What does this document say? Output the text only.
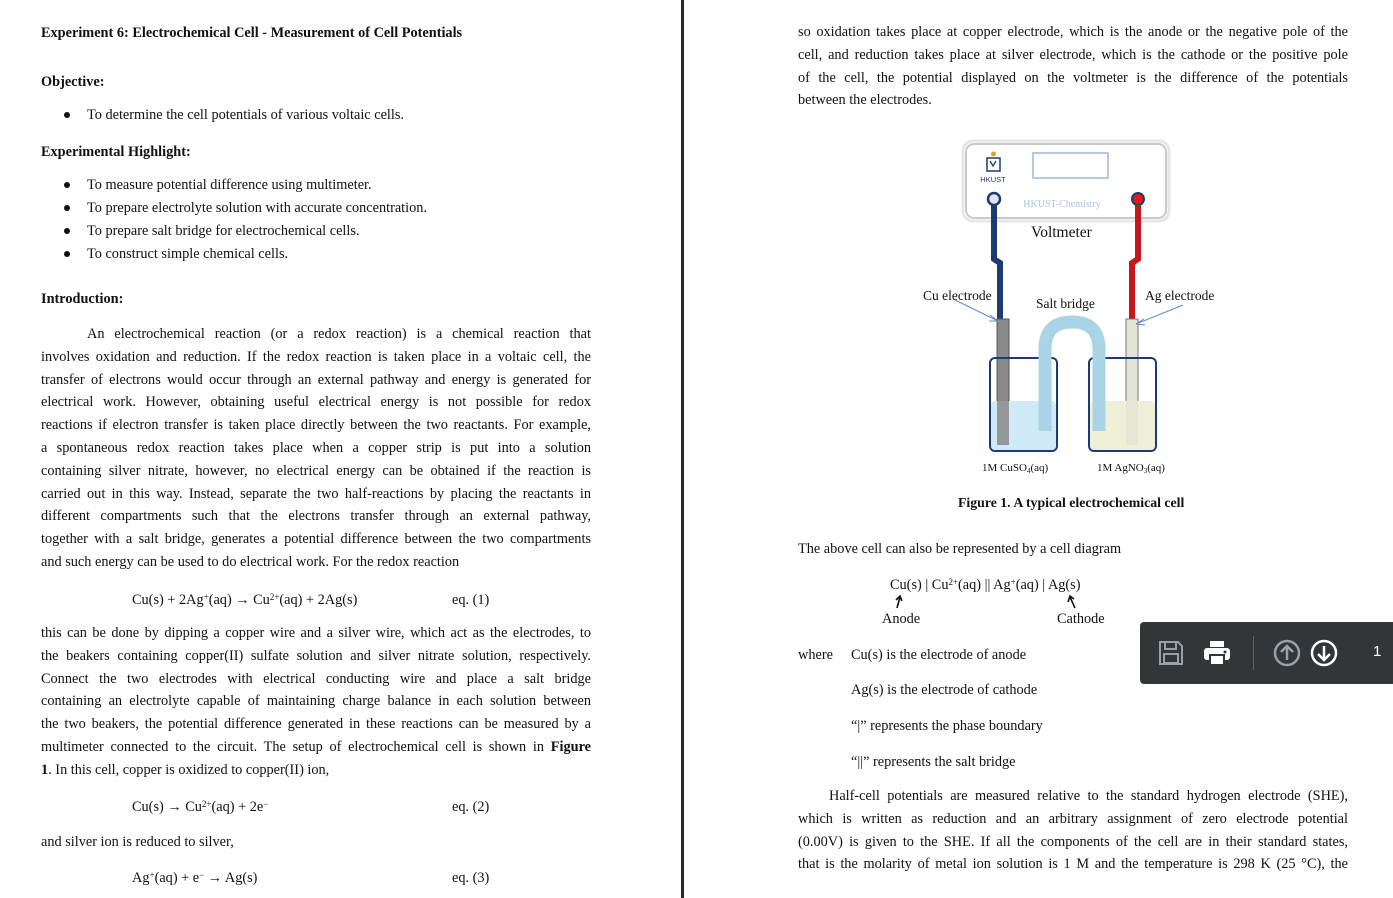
Experiment 6: Electrochemical Cell - Measurement of Cell Potentials
Objective:
To determine the cell potentials of various voltaic cells.
Experimental Highlight:
To measure potential difference using multimeter.
To prepare electrolyte solution with accurate concentration.
To prepare salt bridge for electrochemical cells.
To construct simple chemical cells.
Introduction:
An electrochemical reaction (or a redox reaction) is a chemical reaction that
involves oxidation and reduction. If the redox reaction is taken place in a voltaic cell, the
transfer of electrons would occur through an external pathway and energy is generated for
electrical work. However, obtaining useful electrical energy is not possible for redox
reactions if electron transfer is taken place directly between the two reactants. For example,
a spontaneous redox reaction takes place when a copper strip is put into a solution
containing silver nitrate, however, no electrical energy can be obtained if the reaction is
carried out in this way. Instead, separate the two half-reactions by placing the reactants in
different compartments such that the electrons transfer through an external pathway,
together with a salt bridge, generates a potential difference between the two compartments
and such energy can be used to do electrical work. For the redox reaction
$Cu(s) + 2Ag^+(aq) \to Cu^{2+}(aq) + 2Ag(s)$	eq. (1)
this can be done by dipping a copper wire and a silver wire, which act as the electrodes, to
the beakers containing copper(II) sulfate solution and silver nitrate solution, respectively.
Connect the two electrodes with electrical conducting wire and place a salt bridge
containing an electrolyte capable of maintaining charge balance in each solution between
the two beakers, the potential difference generated in these reactions can be measured by a
multimeter connected to the circuit. The setup of electrochemical cell is shown in Figure
1. In this cell, copper is oxidized to copper(II) ion,
$Cu(s) \to Cu^{2+}(aq) + 2e^-$	eq. (2)
and silver ion is reduced to silver,
Ag+(aq) + e− → Ag(s)	eq. (3)
so oxidation takes place at copper electrode, which is the anode or the negative pole of the
cell, and reduction takes place at silver electrode, which is the cathode or the positive pole
of the cell, the potential displayed on the voltmeter is the difference of the potentials
between the electrodes.
HKUST
HKUST-Chemistry
1M CuSO4(aq)	1M AgNO3(aq)
Voltmeter
Cu electrode
Salt bridge
Ag electrode
Figure 1. A typical electrochemical cell
The above cell can also be represented by a cell diagram
Cu(s) | $Cu^{2+}(aq)$ || Ag+(aq) | Ag(s)
Anode	Cathode
where Cu(s) is the electrode of anode
Ag(s) is the electrode of cathode
“|” represents the phase boundary
“||” represents the salt bridge
Half-cell potentials are measured relative to the standard hydrogen electrode (SHE),
which is written as reduction and an arbitrary assignment of zero electrode potential
(0.00V) is given to the SHE. If all the components of the cell are in their standard states,
that is the molarity of metal ion solution is 1 M and the temperature is 298 K (25 °C), the
1
